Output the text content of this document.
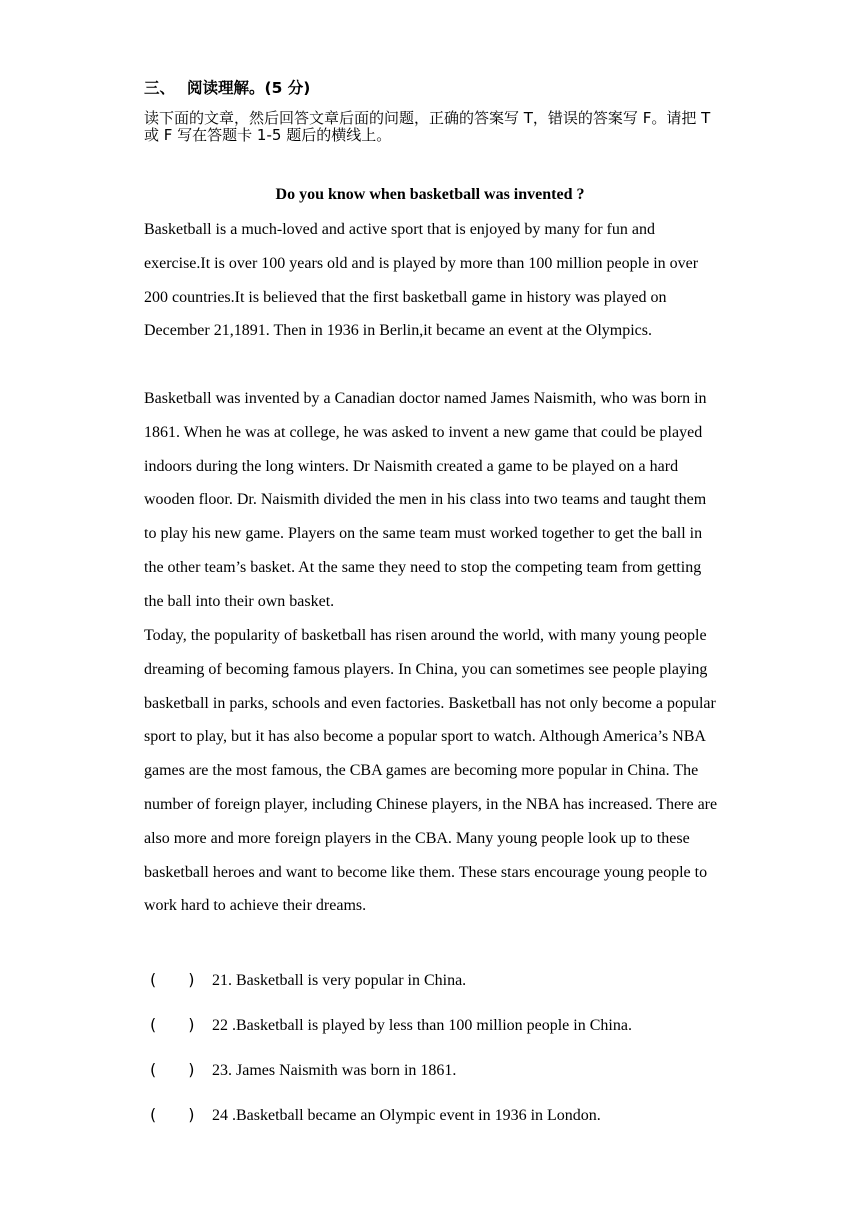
三、 阅读理解。(5 分)
读下面的文章，然后回答文章后面的问题，正确的答案写 T，错误的答案写 F。请把 T 或 F 写在答题卡 1-5 题后的横线上。
Do you know when basketball was invented ?

Basketball is a much-loved and active sport that is enjoyed by many for fun and exercise.It is over 100 years old and is played by more than 100 million people in over 200 countries.It is believed that the first basketball game in history was played on December 21,1891. Then in 1936 in Berlin,it became an event at the Olympics.

Basketball was invented by a Canadian doctor named James Naismith, who was born in 1861. When he was at college, he was asked to invent a new game that could be played indoors during the long winters. Dr Naismith created a game to be played on a hard wooden floor. Dr. Naismith divided the men in his class into two teams and taught them to play his new game. Players on the same team must worked together to get the ball in the other team’s basket. At the same they need to stop the competing team from getting the ball into their own basket.

Today, the popularity of basketball has risen around the world, with many young people dreaming of becoming famous players. In China, you can sometimes see people playing basketball in parks, schools and even factories. Basketball has not only become a popular sport to play, but it has also become a popular sport to watch. Although America’s NBA games are the most famous, the CBA games are becoming more popular in China. The number of foreign player, including Chinese players, in the NBA has increased. There are also more and more foreign players in the CBA. Many young people look up to these basketball heroes and want to become like them. These stars encourage young people to work hard to achieve their dreams.

(　　) 21. Basketball is very popular in China.
(　　) 22 .Basketball is played by less than 100 million people in China.
(　　) 23. James Naismith was born in 1861.
(　　) 24 .Basketball became an Olympic event in 1936 in London.
